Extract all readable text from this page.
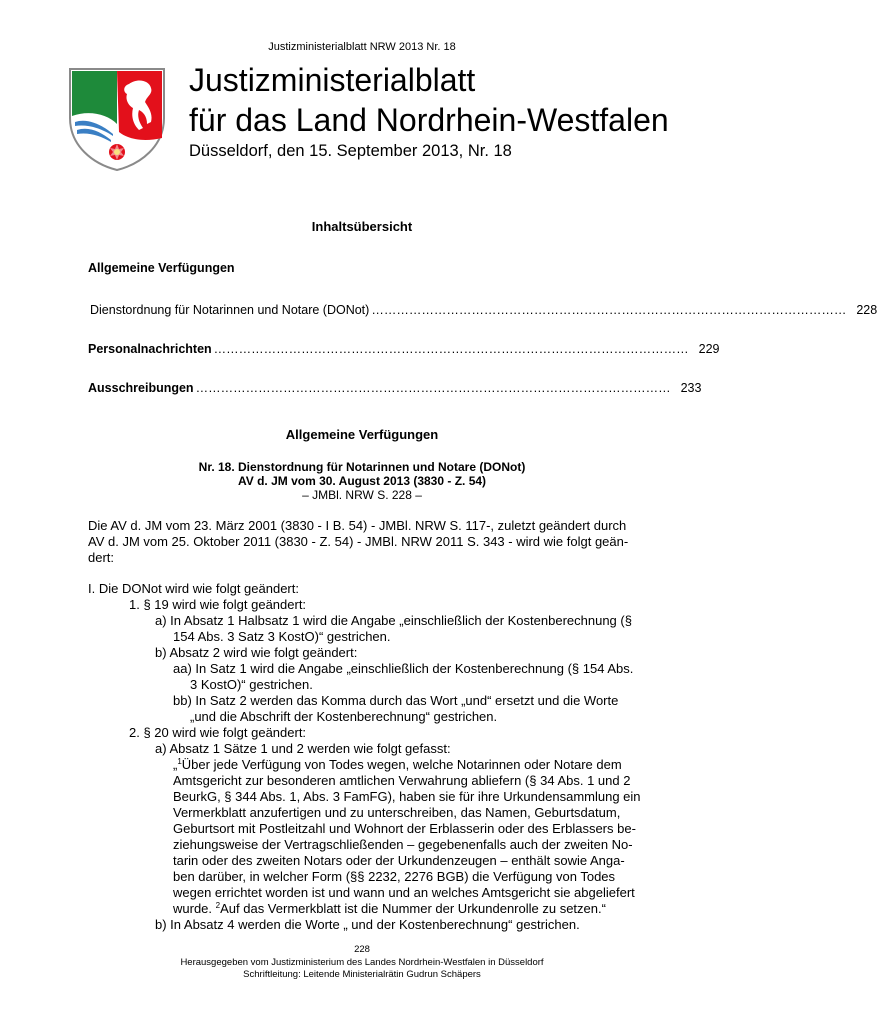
Justizministerialblatt NRW 2013 Nr. 18
Justizministerialblatt
für das Land Nordrhein-Westfalen
Düsseldorf, den 15. September 2013, Nr. 18
Inhaltsübersicht
Allgemeine Verfügungen
Dienstordnung für Notarinnen und Notare (DONot) …………………………………………………………………………………………………… 228
Personalnachrichten …………………………………………………………………………………………………… 229
Ausschreibungen …………………………………………………………………………………………………… 233
Allgemeine Verfügungen
Nr. 18. Dienstordnung für Notarinnen und Notare (DONot)
AV d. JM vom 30. August 2013 (3830 - Z. 54)
– JMBl. NRW S. 228 –
Die AV d. JM vom 23. März 2001 (3830 - I B. 54) - JMBl. NRW S. 117-, zuletzt geändert durch
AV d. JM vom 25. Oktober 2011 (3830 - Z. 54) - JMBl. NRW 2011 S. 343 - wird wie folgt geän-
dert:
I. Die DONot wird wie folgt geändert:
1. § 19 wird wie folgt geändert:
a) In Absatz 1 Halbsatz 1 wird die Angabe „einschließlich der Kostenberechnung (§
154 Abs. 3 Satz 3 KostO)“ gestrichen.
b) Absatz 2 wird wie folgt geändert:
aa) In Satz 1 wird die Angabe „einschließlich der Kostenberechnung (§ 154 Abs.
3 KostO)“ gestrichen.
bb) In Satz 2 werden das Komma durch das Wort „und“ ersetzt und die Worte
„und die Abschrift der Kostenberechnung“ gestrichen.
2. § 20 wird wie folgt geändert:
a) Absatz 1 Sätze 1 und 2 werden wie folgt gefasst:
„$^1$Über jede Verfügung von Todes wegen, welche Notarinnen oder Notare dem
Amtsgericht zur besonderen amtlichen Verwahrung abliefern (§ 34 Abs. 1 und 2
BeurkG, § 344 Abs. 1, Abs. 3 FamFG), haben sie für ihre Urkundensammlung ein
Vermerkblatt anzufertigen und zu unterschreiben, das Namen, Geburtsdatum,
Geburtsort mit Postleitzahl und Wohnort der Erblasserin oder des Erblassers be-
ziehungsweise der Vertragschließenden – gegebenenfalls auch der zweiten No-
tarin oder des zweiten Notars oder der Urkundenzeugen – enthält sowie Anga-
ben darüber, in welcher Form (§§ 2232, 2276 BGB) die Verfügung von Todes
wegen errichtet worden ist und wann und an welches Amtsgericht sie abgeliefert
wurde. $^2$Auf das Vermerkblatt ist die Nummer der Urkundenrolle zu setzen.“
b) In Absatz 4 werden die Worte „ und der Kostenberechnung“ gestrichen.
228
Herausgegeben vom Justizministerium des Landes Nordrhein-Westfalen in Düsseldorf
Schriftleitung: Leitende Ministerialrätin Gudrun Schäpers
